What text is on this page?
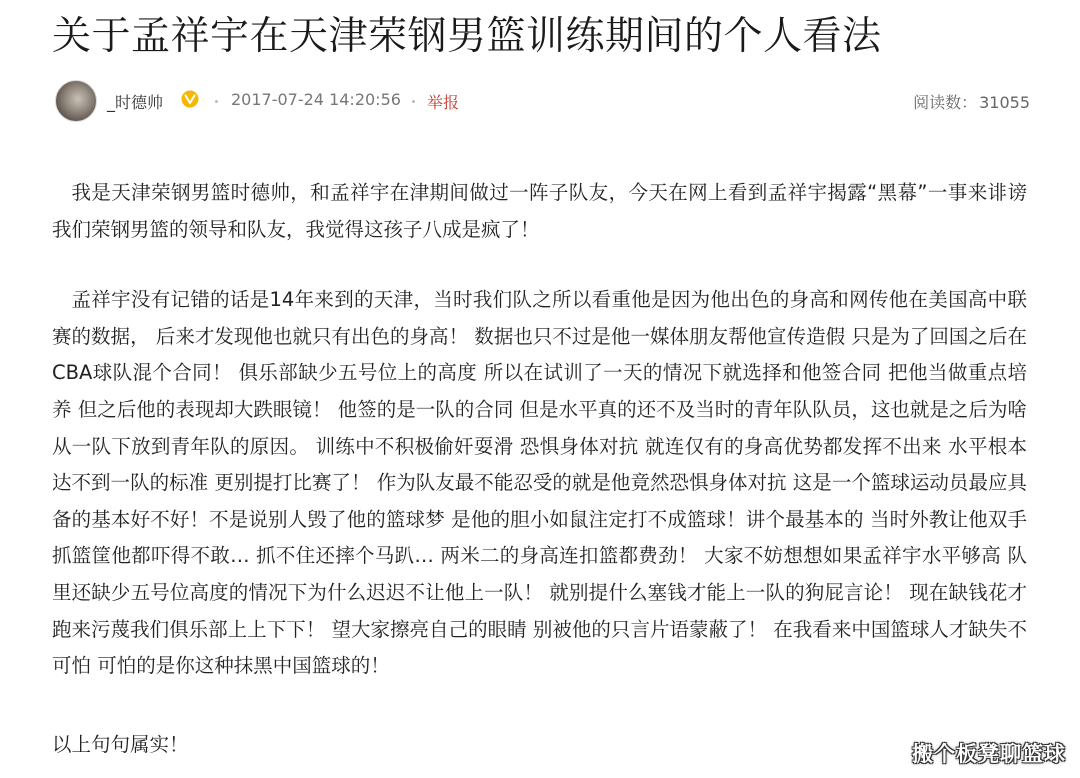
关于孟祥宇在天津荣钢男篮训练期间的个人看法
_时德帅	2017-07-24 14:20:56 举报	阅读数： 31055

我是天津荣钢男篮时德帅，和孟祥宇在津期间做过一阵子队友，今天在网上看到孟祥宇揭露“黑幕”一事来诽谤我们荣钢男篮的领导和队友，我觉得这孩子八成是疯了！

孟祥宇没有记错的话是14年来到的天津，当时我们队之所以看重他是因为他出色的身高和网传他在美国高中联赛的数据， 后来才发现他也就只有出色的身高！ 数据也只不过是他一媒体朋友帮他宣传造假 只是为了回国之后在CBA球队混个合同！ 俱乐部缺少五号位上的高度 所以在试训了一天的情况下就选择和他签合同 把他当做重点培养 但之后他的表现却大跌眼镜！ 他签的是一队的合同 但是水平真的还不及当时的青年队队员，这也就是之后为啥从一队下放到青年队的原因。 训练中不积极偷奸耍滑 恐惧身体对抗 就连仅有的身高优势都发挥不出来 水平根本达不到一队的标准 更别提打比赛了！ 作为队友最不能忍受的就是他竟然恐惧身体对抗 这是一个篮球运动员最应具备的基本好不好！不是说别人毁了他的篮球梦 是他的胆小如鼠注定打不成篮球！讲个最基本的 当时外教让他双手抓篮筐他都吓得不敢… 抓不住还摔个马趴… 两米二的身高连扣篮都费劲！ 大家不妨想想如果孟祥宇水平够高 队里还缺少五号位高度的情况下为什么迟迟不让他上一队！ 就别提什么塞钱才能上一队的狗屁言论！ 现在缺钱花才跑来污蔑我们俱乐部上上下下！ 望大家擦亮自己的眼睛 别被他的只言片语蒙蔽了！ 在我看来中国篮球人才缺失不可怕 可怕的是你这种抹黑中国篮球的！

以上句句属实！	搬个板凳聊篮球
